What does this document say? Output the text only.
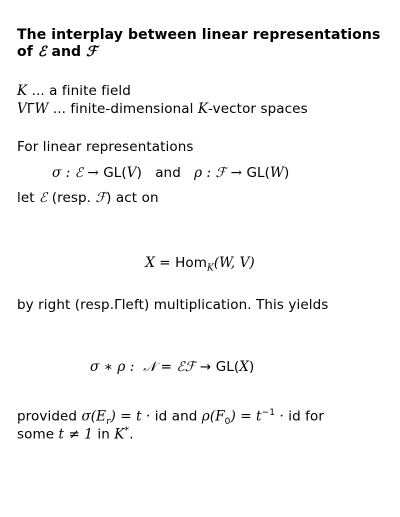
The interplay between linear representations
of ℰ and ℱ
K ... a finite field
VΓW ... finite-dimensional K-vector spaces
For linear representations
σ : ℰ → GL(V)   and   ρ : ℱ → GL(W)
let ℰ (resp. ℱ) act on
X = Hom$_K$(W, V)
by right (resp.Γleft) multiplication. This yields
σ ∗ ρ :  𝒩 = ℰℱ → GL(X)
provided $\sigma(E_r) = t$ · id and $\rho(F_0) = t^{-1}$ · id for
some t ≠ 1 in K*.
